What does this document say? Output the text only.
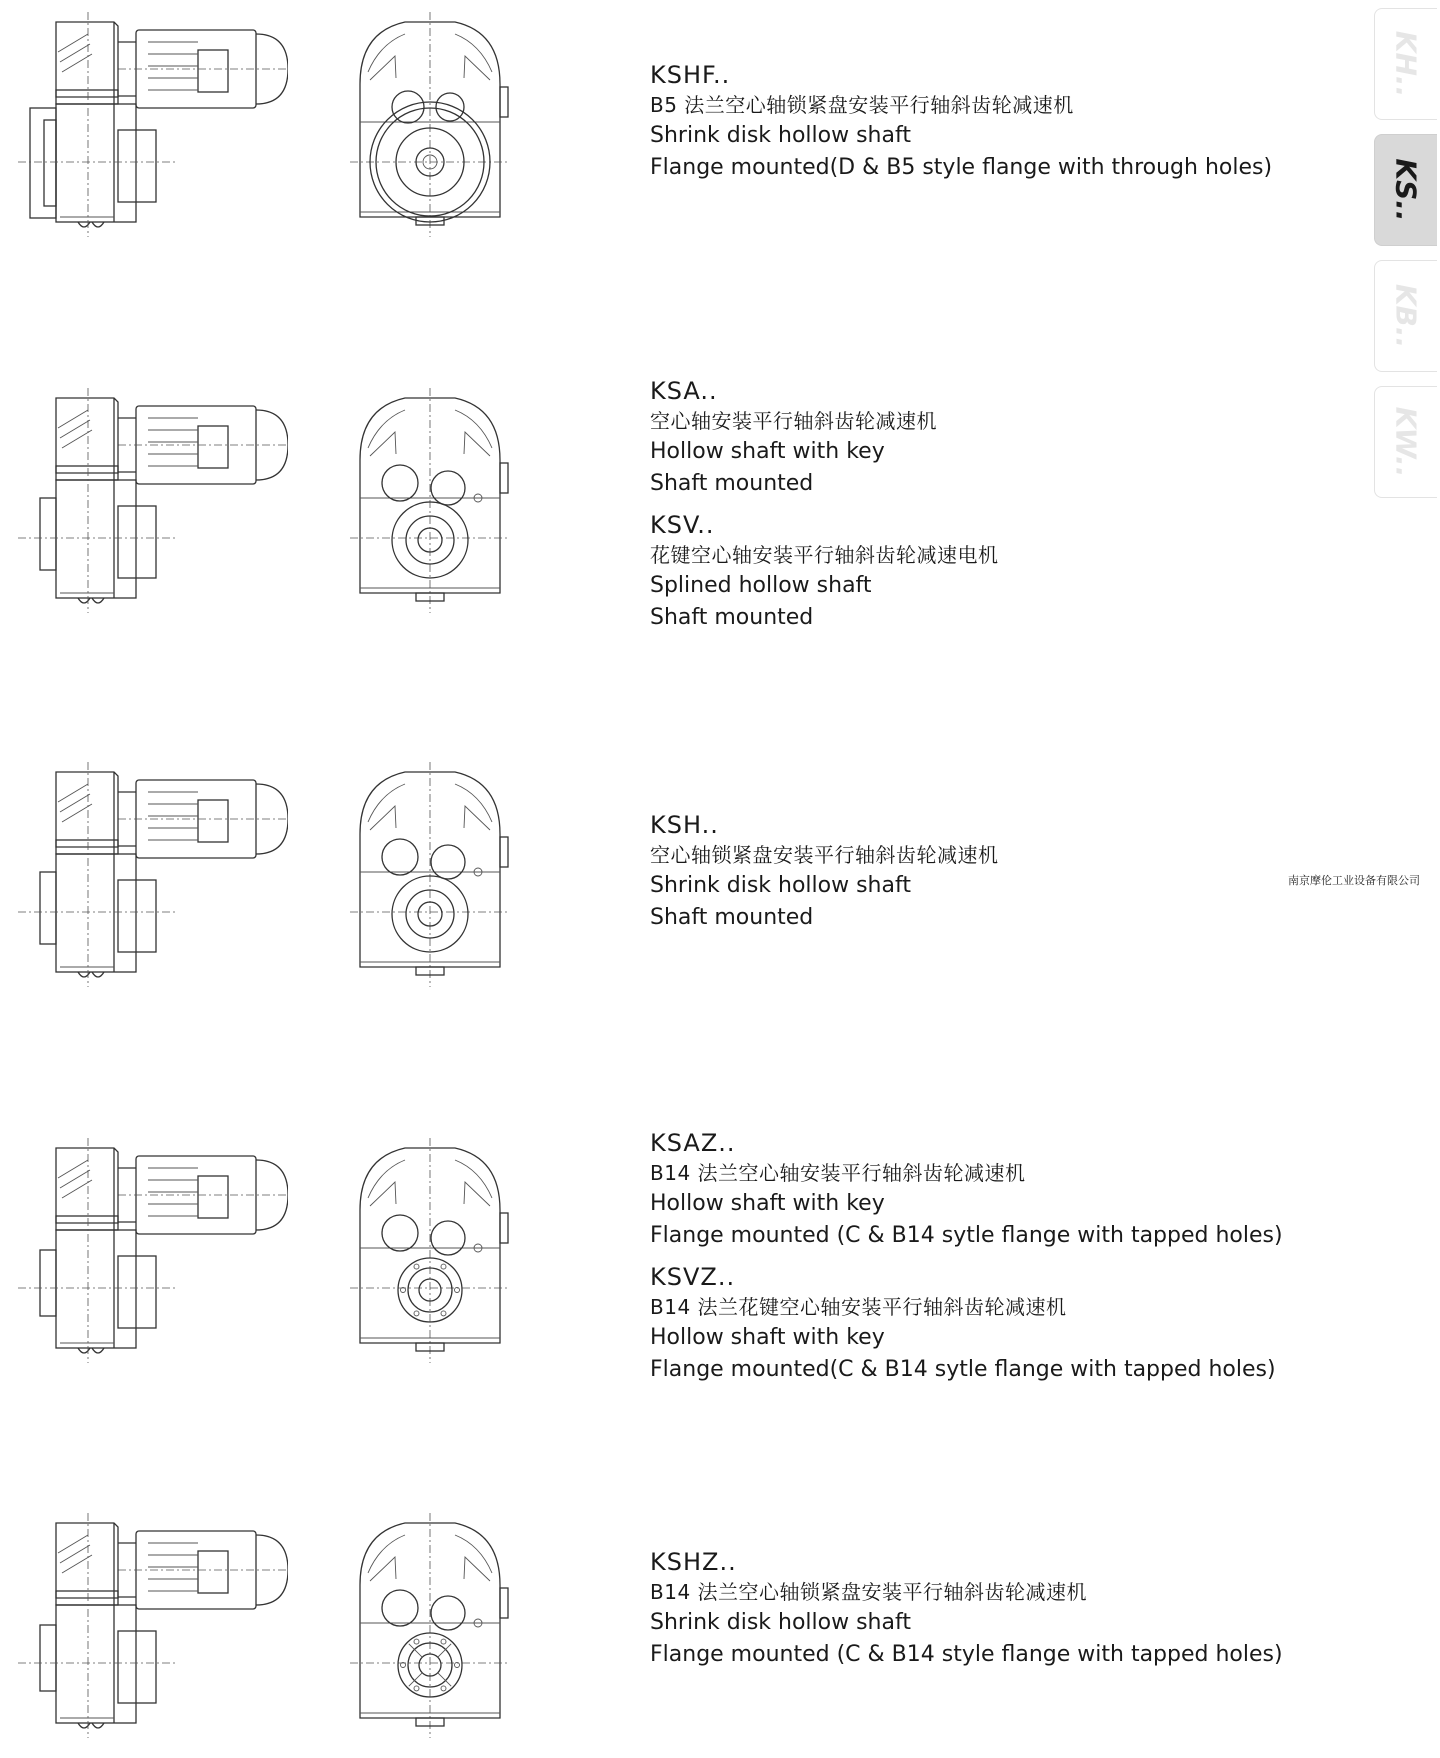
KH..
KS..
KB..
KW..
南京摩伦工业设备有限公司
KSHF..
B5 法兰空心轴锁紧盘安装平行轴斜齿轮减速机
Shrink disk hollow shaft
Flange mounted(D & B5 style flange with through holes)
KSA..
空心轴安装平行轴斜齿轮减速机
Hollow shaft with key
Shaft mounted
KSV..
花键空心轴安装平行轴斜齿轮减速电机
Splined hollow shaft
Shaft mounted
KSH..
空心轴锁紧盘安装平行轴斜齿轮减速机
Shrink disk hollow shaft
Shaft mounted
KSAZ..
B14 法兰空心轴安装平行轴斜齿轮减速机
Hollow shaft with key
Flange mounted (C & B14 sytle flange with tapped holes)
KSVZ..
B14 法兰花键空心轴安装平行轴斜齿轮减速机
Hollow shaft with key
Flange mounted(C & B14 sytle flange with tapped holes)
KSHZ..
B14 法兰空心轴锁紧盘安装平行轴斜齿轮减速机
Shrink disk hollow shaft
Flange mounted (C & B14 style flange with tapped holes)
